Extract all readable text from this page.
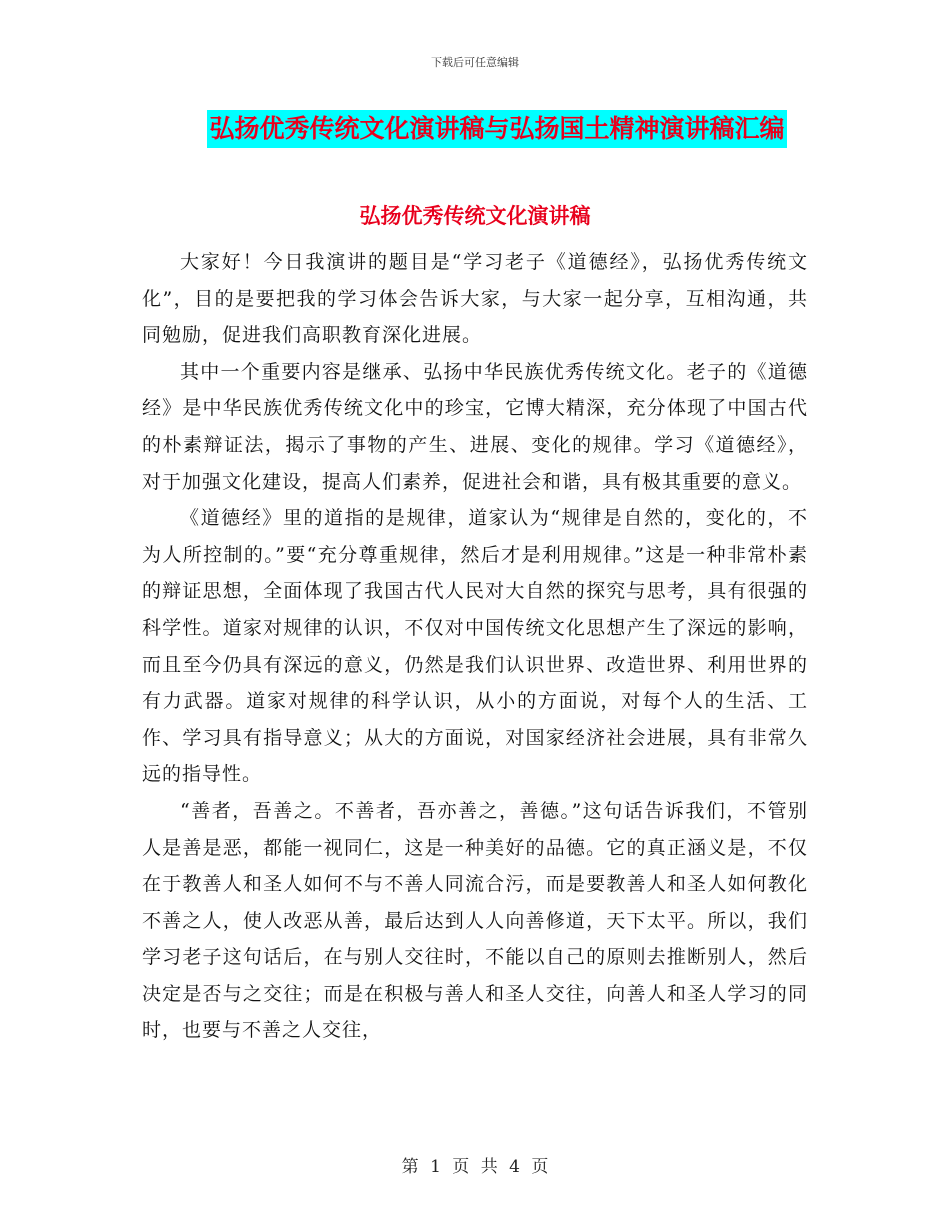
下载后可任意编辑
弘扬优秀传统文化演讲稿与弘扬国土精神演讲稿汇编
弘扬优秀传统文化演讲稿

大家好！今日我演讲的题目是“学习老子《道德经》，弘扬优秀传统文化”，目的是要把我的学习体会告诉大家，与大家一起分享，互相沟通，共同勉励，促进我们高职教育深化进展。

其中一个重要内容是继承、弘扬中华民族优秀传统文化。老子的《道德经》是中华民族优秀传统文化中的珍宝，它博大精深，充分体现了中国古代的朴素辩证法，揭示了事物的产生、进展、变化的规律。学习《道德经》，对于加强文化建设，提高人们素养，促进社会和谐，具有极其重要的意义。

《道德经》里的道指的是规律，道家认为“规律是自然的，变化的，不为人所控制的。”要“充分尊重规律，然后才是利用规律。”这是一种非常朴素的辩证思想，全面体现了我国古代人民对大自然的探究与思考，具有很强的科学性。道家对规律的认识，不仅对中国传统文化思想产生了深远的影响，而且至今仍具有深远的意义，仍然是我们认识世界、改造世界、利用世界的有力武器。道家对规律的科学认识，从小的方面说，对每个人的生活、工作、学习具有指导意义；从大的方面说，对国家经济社会进展，具有非常久远的指导性。

“善者，吾善之。不善者，吾亦善之，善德。”这句话告诉我们，不管别人是善是恶，都能一视同仁，这是一种美好的品德。它的真正涵义是，不仅在于教善人和圣人如何不与不善人同流合污，而是要教善人和圣人如何教化不善之人，使人改恶从善，最后达到人人向善修道，天下太平。所以，我们学习老子这句话后，在与别人交往时，不能以自己的原则去推断别人，然后决定是否与之交往；而是在积极与善人和圣人交往，向善人和圣人学习的同时，也要与不善之人交往，

第 1 页 共 4 页
